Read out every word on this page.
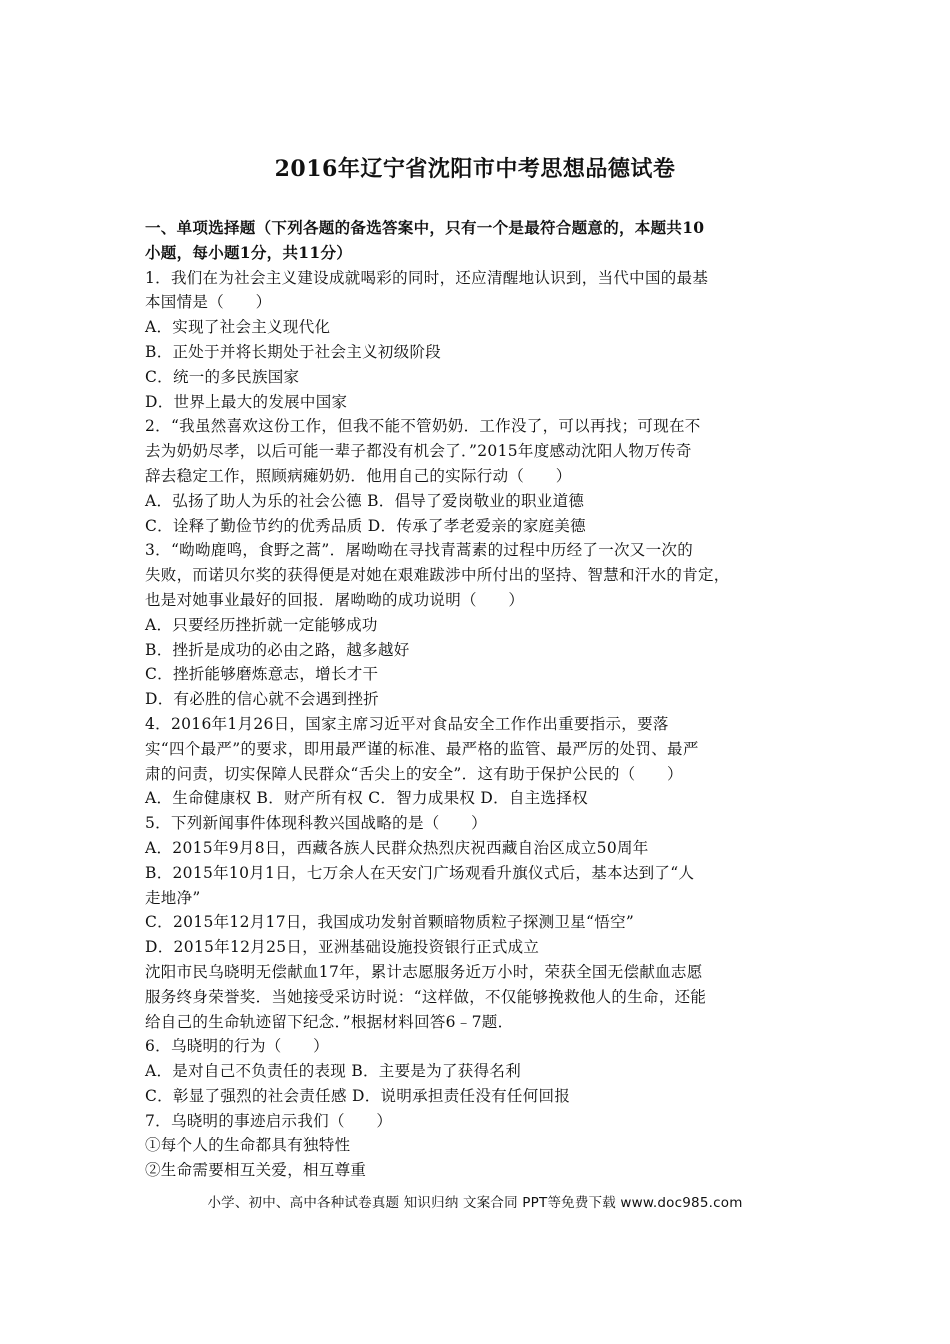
2016年辽宁省沈阳市中考思想品德试卷
一、单项选择题（下列各题的备选答案中，只有一个是最符合题意的，本题共10
小题，每小题1分，共11分）
1．我们在为社会主义建设成就喝彩的同时，还应清醒地认识到，当代中国的最基
本国情是（　　）
A．实现了社会主义现代化
B．正处于并将长期处于社会主义初级阶段
C．统一的多民族国家
D．世界上最大的发展中国家
2．“我虽然喜欢这份工作，但我不能不管奶奶．工作没了，可以再找；可现在不
去为奶奶尽孝，以后可能一辈子都没有机会了．”2015年度感动沈阳人物万传奇
辞去稳定工作，照顾病瘫奶奶．他用自己的实际行动（　　）
A．弘扬了助人为乐的社会公德 B．倡导了爱岗敬业的职业道德
C．诠释了勤俭节约的优秀品质 D．传承了孝老爱亲的家庭美德
3．“呦呦鹿鸣，食野之蒿”．屠呦呦在寻找青蒿素的过程中历经了一次又一次的
失败，而诺贝尔奖的获得便是对她在艰难跋涉中所付出的坚持、智慧和汗水的肯定，
也是对她事业最好的回报．屠呦呦的成功说明（　　）
A．只要经历挫折就一定能够成功
B．挫折是成功的必由之路，越多越好
C．挫折能够磨炼意志，增长才干
D．有必胜的信心就不会遇到挫折
4．2016年1月26日，国家主席习近平对食品安全工作作出重要指示，要落
实“四个最严”的要求，即用最严谨的标准、最严格的监管、最严厉的处罚、最严
肃的问责，切实保障人民群众“舌尖上的安全”．这有助于保护公民的（　　）
A．生命健康权 B．财产所有权 C．智力成果权 D．自主选择权
5．下列新闻事件体现科教兴国战略的是（　　）
A．2015年9月8日，西藏各族人民群众热烈庆祝西藏自治区成立50周年
B．2015年10月1日，七万余人在天安门广场观看升旗仪式后，基本达到了“人
走地净”
C．2015年12月17日，我国成功发射首颗暗物质粒子探测卫星“悟空”
D．2015年12月25日，亚洲基础设施投资银行正式成立
沈阳市民乌晓明无偿献血17年，累计志愿服务近万小时，荣获全国无偿献血志愿
服务终身荣誉奖．当她接受采访时说：“这样做，不仅能够挽救他人的生命，还能
给自己的生命轨迹留下纪念．”根据材料回答6﹣7题．
6．乌晓明的行为（　　）
A．是对自己不负责任的表现 B．主要是为了获得名利
C．彰显了强烈的社会责任感 D．说明承担责任没有任何回报
7．乌晓明的事迹启示我们（　　）
①每个人的生命都具有独特性
②生命需要相互关爱，相互尊重
小学、初中、高中各种试卷真题 知识归纳 文案合同 PPT等免费下载 www.doc985.com
